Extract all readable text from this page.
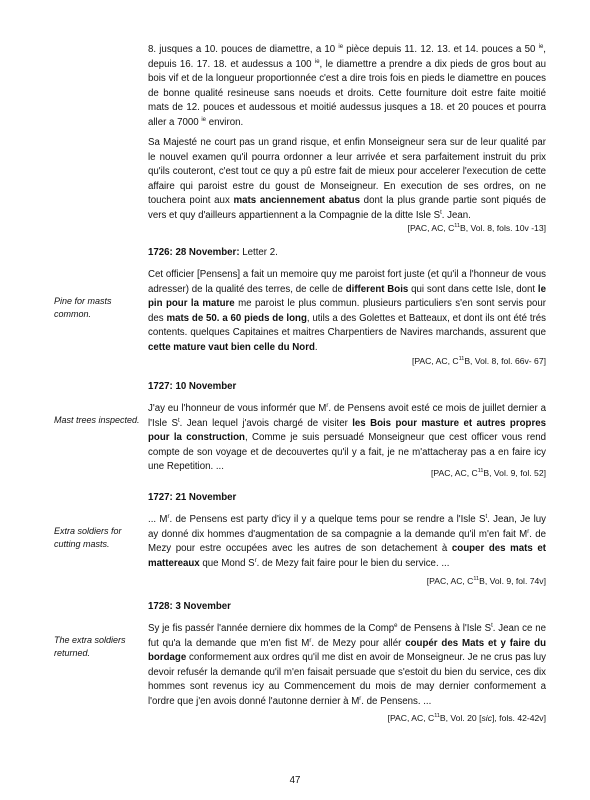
8. jusques a 10. pouces de diamettre, a 10 $^{ie}$ pièce depuis 11. 12. 13. et 14. pouces a 50 $^{ie}$, depuis 16. 17. 18. et audessus a 100 $^{ie}$, le diamettre a prendre a dix pieds de gros bout au bois vif et de la longueur proportionnée c'est a dire trois fois en pieds le diamettre en pouces de bonne qualité resineuse sans noeuds et droits. Cette fourniture doit estre faite moitié mats de 12. pouces et audessous et moitié audessus jusques a 18. et 20 pouces et pourra aller a 7000 $^{ie}$ environ.
Sa Majesté ne court pas un grand risque, et enfin Monseigneur sera sur de leur qualité par le nouvel examen qu'il pourra ordonner a leur arrivée et sera parfaitement instruit du prix qu'ils couteront, c'est tout ce quy a pû estre fait de mieux pour accelerer l'execution de cette affaire qui paroist estre du goust de Monseigneur. En execution de ses ordres, on ne touchera point aux mats anciennement abatus dont la plus grande partie sont piqués de vers et quy d'ailleurs appartiennent a la Compagnie de la ditte Isle $S^t$. Jean.
[PAC, AC, $C^{11}B$, Vol. 8, fols. 10v -13]
1726: 28 November: Letter 2.
Cet officier [Pensens] a fait un memoire quy me paroist fort juste (et qu'il a l'honneur de vous adresser) de la qualité des terres, de celle de different Bois qui sont dans cette Isle, dont le pin pour la mature me paroist le plus commun. plusieurs particuliers s'en sont servis pour des mats de 50. a 60 pieds de long, utils a des Golettes et Batteaux, et dont ils ont été trés contents. quelques Capitaines et maitres Charpentiers de Navires marchands, assurent que cette mature vaut bien celle du Nord.
[PAC, AC, $C^{11}B$, Vol. 8, fol. 66v- 67]
1727: 10 November
J'ay eu l'honneur de vous informér que $M^r$. de Pensens avoit esté ce mois de juillet dernier a l'Isle $S^t$. Jean lequel j'avois chargé de visiter les Bois pour masture et autres propres pour la construction, Comme je suis persuadé Monseigneur que cest officer vous rend compte de son voyage et de decouvertes qu'il y a fait, je ne m'attacheray pas a en faire icy une Repetition. ...
[PAC, AC, $C^{11}B$, Vol. 9, fol. 52]
1727: 21 November
... $M^r$. de Pensens est party d'icy il y a quelque tems pour se rendre a l'Isle $S^t$. Jean, Je luy ay donné dix hommes d'augmentation de sa compagnie a la demande qu'il m'en fait $M^r$. de Mezy pour estre occupées avec les autres de son detachement à couper des mats et mattereaux que Mond $S^r$. de Mezy fait faire pour le bien du service. ...
[PAC, AC, $C^{11}B$, Vol. 9, fol. 74v]
1728: 3 November
Sy je fis passér l'année derniere dix hommes de la Comp$^e$ de Pensens à l'Isle $S^t$. Jean ce ne fut qu'a la demande que m'en fist $M^r$. de Mezy pour allér coupér des Mats et y faire du bordage conformement aux ordres qu'il me dist en avoir de Monseigneur. Je ne crus pas luy devoir refusér la demande qu'il m'en faisait persuade que s'estoit du bien du service, ces dix hommes sont revenus icy au Commencement du mois de may dernier conformement a l'ordre que j'en avois donné l'autonne dernier à $M^r$. de Pensens. ...
[PAC, AC, $C^{11}B$, Vol. 20 [sic], fols. 42-42v]
Pine for masts common.
Mast trees inspected.
Extra soldiers for cutting masts.
The extra soldiers returned.
47
